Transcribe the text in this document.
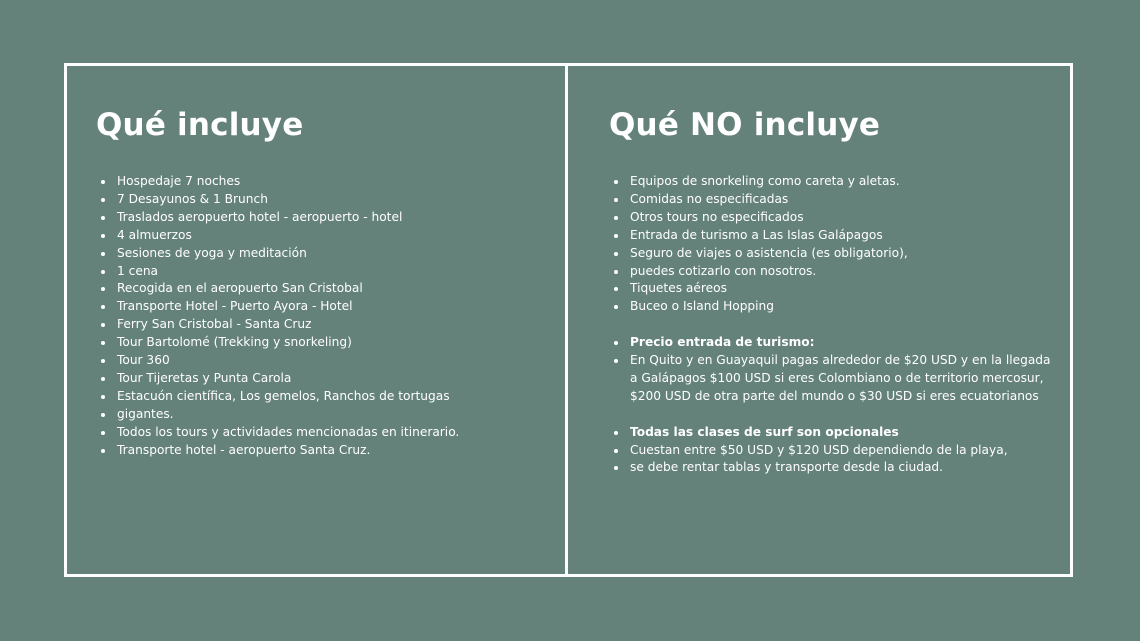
Qué incluye
Hospedaje 7 noches
7 Desayunos & 1 Brunch
Traslados aeropuerto hotel - aeropuerto - hotel
4 almuerzos
Sesiones de yoga y meditación
1 cena
Recogida en el aeropuerto San Cristobal
Transporte Hotel - Puerto Ayora - Hotel
Ferry San Cristobal - Santa Cruz
Tour Bartolomé (Trekking y snorkeling)
Tour 360
Tour Tijeretas y Punta Carola
Estacuón científica, Los gemelos, Ranchos de tortugas
gigantes.
Todos los tours y actividades mencionadas en itinerario.
Transporte hotel - aeropuerto Santa Cruz.
Qué NO incluye
Equipos de snorkeling como careta y aletas.
Comidas no especificadas
Otros tours no especificados
Entrada de turismo a Las Islas Galápagos
Seguro de viajes o asistencia (es obligatorio),
puedes cotizarlo con nosotros.
Tiquetes aéreos
Buceo o Island Hopping
Precio entrada de turismo:
En Quito y en Guayaquil pagas alrededor de $20 USD y en la llegada a Galápagos $100 USD si eres Colombiano o de territorio mercosur, $200 USD de otra parte del mundo o $30 USD si eres ecuatorianos
Todas las clases de surf son opcionales
Cuestan entre $50 USD y $120 USD dependiendo de la playa,
se debe rentar tablas y transporte desde la ciudad.
